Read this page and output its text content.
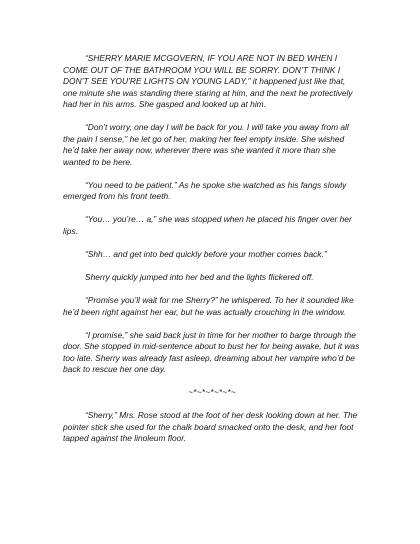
“SHERRY MARIE MCGOVERN, IF YOU ARE NOT IN BED WHEN I COME OUT OF THE BATHROOM YOU WILL BE SORRY. DON’T THINK I DON’T SEE YOU’RE LIGHTS ON YOUNG LADY,” it happened just like that, one minute she was standing there staring at him, and the next he protectively had her in his arms. She gasped and looked up at him.

“Don’t worry, one day I will be back for you. I will take you away from all the pain I sense,” he let go of her, making her feel empty inside. She wished he’d take her away now, wherever there was she wanted it more than she wanted to be here.

“You need to be patient.” As he spoke she watched as his fangs slowly emerged from his front teeth.

“You… you’re… a,” she was stopped when he placed his finger over her lips.

“Shh… and get into bed quickly before your mother comes back.”

Sherry quickly jumped into her bed and the lights flickered off.

“Promise you’ll wait for me Sherry?” he whispered. To her it sounded like he’d been right against her ear, but he was actually crouching in the window.

“I promise,” she said back just in time for her mother to barge through the door. She stopped in mid-sentence about to bust her for being awake, but it was too late. Sherry was already fast asleep, dreaming about her vampire who’d be back to rescue her one day.

~*~*~*~*~*~

“Sherry,” Mrs. Rose stood at the foot of her desk looking down at her. The pointer stick she used for the chalk board smacked onto the desk, and her foot tapped against the linoleum floor.
